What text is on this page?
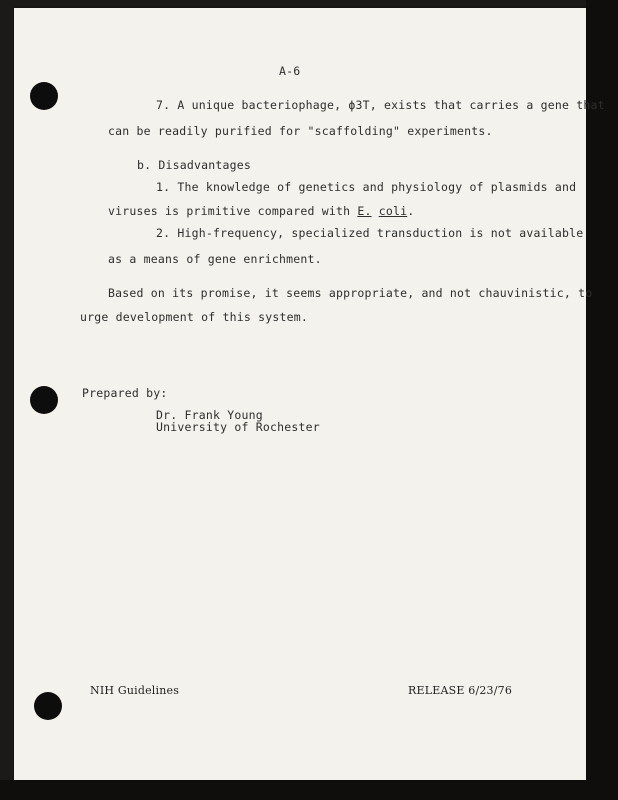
A-6

7. A unique bacteriophage, ϕ3T, exists that carries a gene that

can be readily purified for "scaffolding" experiments.

b. Disadvantages

1. The knowledge of genetics and physiology of plasmids and

viruses is primitive compared with E. coli.

2. High-frequency, specialized transduction is not available

as a means of gene enrichment.

Based on its promise, it seems appropriate, and not chauvinistic, to

urge development of this system.

Prepared by:

Dr. Frank Young

University of Rochester

NIH Guidelines	RELEASE 6/23/76
